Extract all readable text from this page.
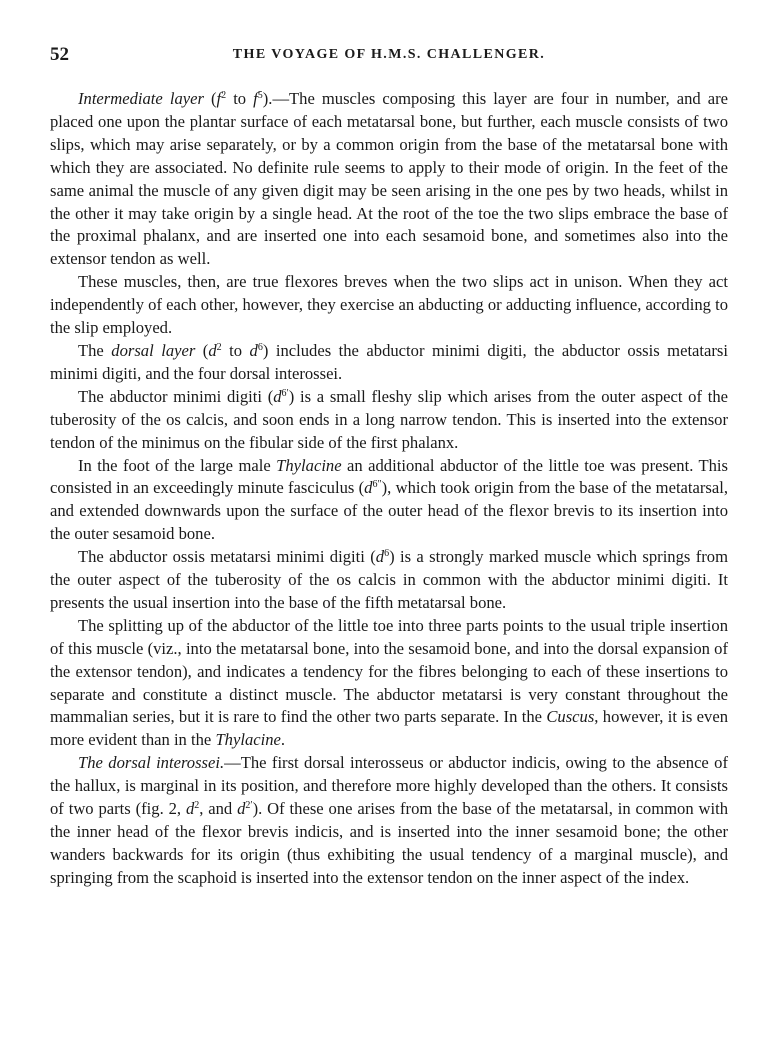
52	THE VOYAGE OF H.M.S. CHALLENGER.

Intermediate layer ($f^2$ to $f^5).—The$ muscles composing this layer are four in number, and are placed one upon the plantar surface of each metatarsal bone, but further, each muscle consists of two slips, which may arise separately, or by a common origin from the base of the metatarsal bone with which they are associated. No definite rule seems to apply to their mode of origin. In the feet of the same animal the muscle of any given digit may be seen arising in the one pes by two heads, whilst in the other it may take origin by a single head. At the root of the toe the two slips embrace the base of the proximal phalanx, and are inserted one into each sesamoid bone, and sometimes also into the extensor tendon as well.

These muscles, then, are true flexores breves when the two slips act in unison. When they act independently of each other, however, they exercise an abducting or adducting influence, according to the slip employed.

The dorsal layer ($d^2$ to $d^6$) includes the abductor minimi digiti, the abductor ossis metatarsi minimi digiti, and the four dorsal interossei.

The abductor minimi digiti $(d^{6'})$ is a small fleshy slip which arises from the outer aspect of the tuberosity of the os calcis, and soon ends in a long narrow tendon. This is inserted into the extensor tendon of the minimus on the fibular side of the first phalanx.

In the foot of the large male Thylacine an additional abductor of the little toe was present. This consisted in an exceedingly minute fasciculus $(d^{6''})$, which took origin from the base of the metatarsal, and extended downwards upon the surface of the outer head of the flexor brevis to its insertion into the outer sesamoid bone.

The abductor ossis metatarsi minimi digiti $(d^6)$ is a strongly marked muscle which springs from the outer aspect of the tuberosity of the os calcis in common with the abductor minimi digiti. It presents the usual insertion into the base of the fifth metatarsal bone.

The splitting up of the abductor of the little toe into three parts points to the usual triple insertion of this muscle (viz., into the metatarsal bone, into the sesamoid bone, and into the dorsal expansion of the extensor tendon), and indicates a tendency for the fibres belonging to each of these insertions to separate and constitute a distinct muscle. The abductor metatarsi is very constant throughout the mammalian series, but it is rare to find the other two parts separate. In the Cuscus, however, it is even more evident than in the Thylacine.

The dorsal interossei.—The first dorsal interosseus or abductor indicis, owing to the absence of the hallux, is marginal in its position, and therefore more highly developed than the others. It consists of two parts (fig. 2, $d^2$, and $d^{2'}$). Of these one arises from the base of the metatarsal, in common with the inner head of the flexor brevis indicis, and is inserted into the inner sesamoid bone; the other wanders backwards for its origin (thus exhibiting the usual tendency of a marginal muscle), and springing from the scaphoid is inserted into the extensor tendon on the inner aspect of the index.
